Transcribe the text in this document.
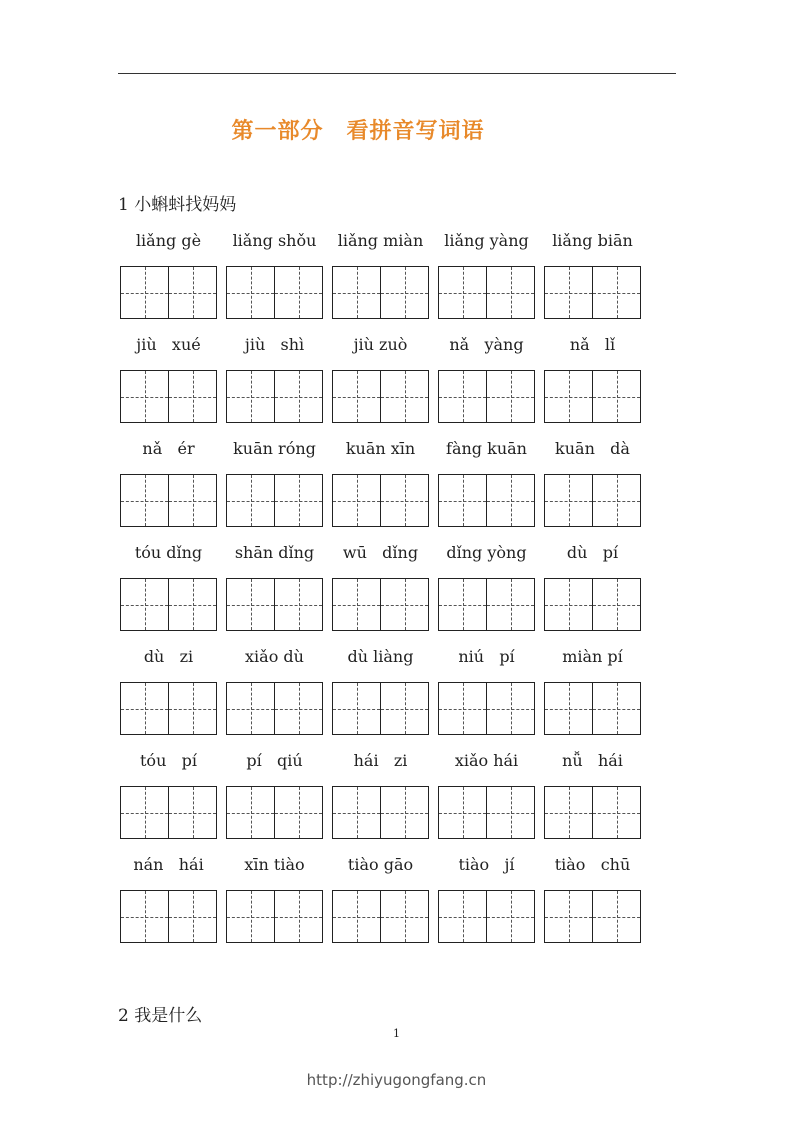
第一部分　看拼音写词语
1 小蝌蚪找妈妈
liǎng gè	liǎng shǒu	liǎng miàn	liǎng yàng	liǎng biān
jiù   xué	jiù   shì	jiù zuò	nǎ   yàng	nǎ   lǐ
nǎ   ér	kuān róng	kuān xīn	fàng kuān	kuān   dà
tóu dǐng	shān dǐng	wū   dǐng	dǐng yòng	dù   pí
dù   zi	xiǎo dù	dù liàng	niú   pí	miàn pí
tóu   pí	pí   qiú	hái   zi	xiǎo hái	nǚ   hái
nán   hái	xīn tiào	tiào gāo	tiào   jí	tiào   chū
2 我是什么
1
http://zhiyugongfang.cn
